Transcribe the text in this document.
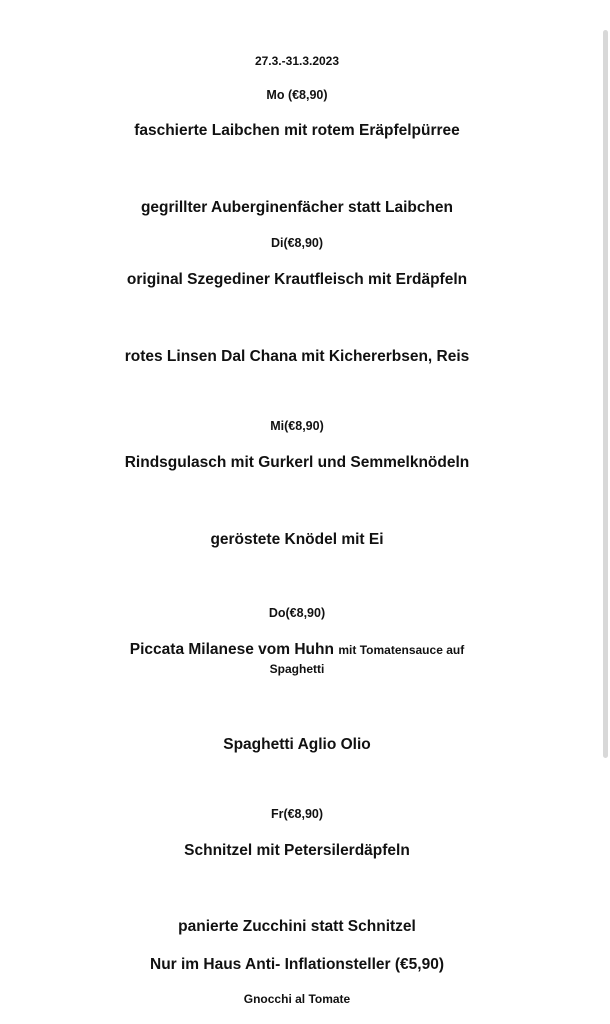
27.3.-31.3.2023
Mo (€8,90)
faschierte Laibchen mit rotem Eräpfelpürree
gegrillter Auberginenfächer statt Laibchen
Di(€8,90)
original Szegediner Krautfleisch mit Erdäpfeln
rotes Linsen Dal Chana mit Kichererbsen, Reis
Mi(€8,90)
Rindsgulasch mit Gurkerl und Semmelknödeln
geröstete Knödel mit Ei
Do(€8,90)
Piccata Milanese vom Huhn mit Tomatensauce auf
Spaghetti
Spaghetti Aglio Olio
Fr(€8,90)
Schnitzel mit Petersilerdäpfeln
panierte Zucchini statt Schnitzel
Nur im Haus Anti- Inflationsteller (€5,90)
Gnocchi al Tomate
